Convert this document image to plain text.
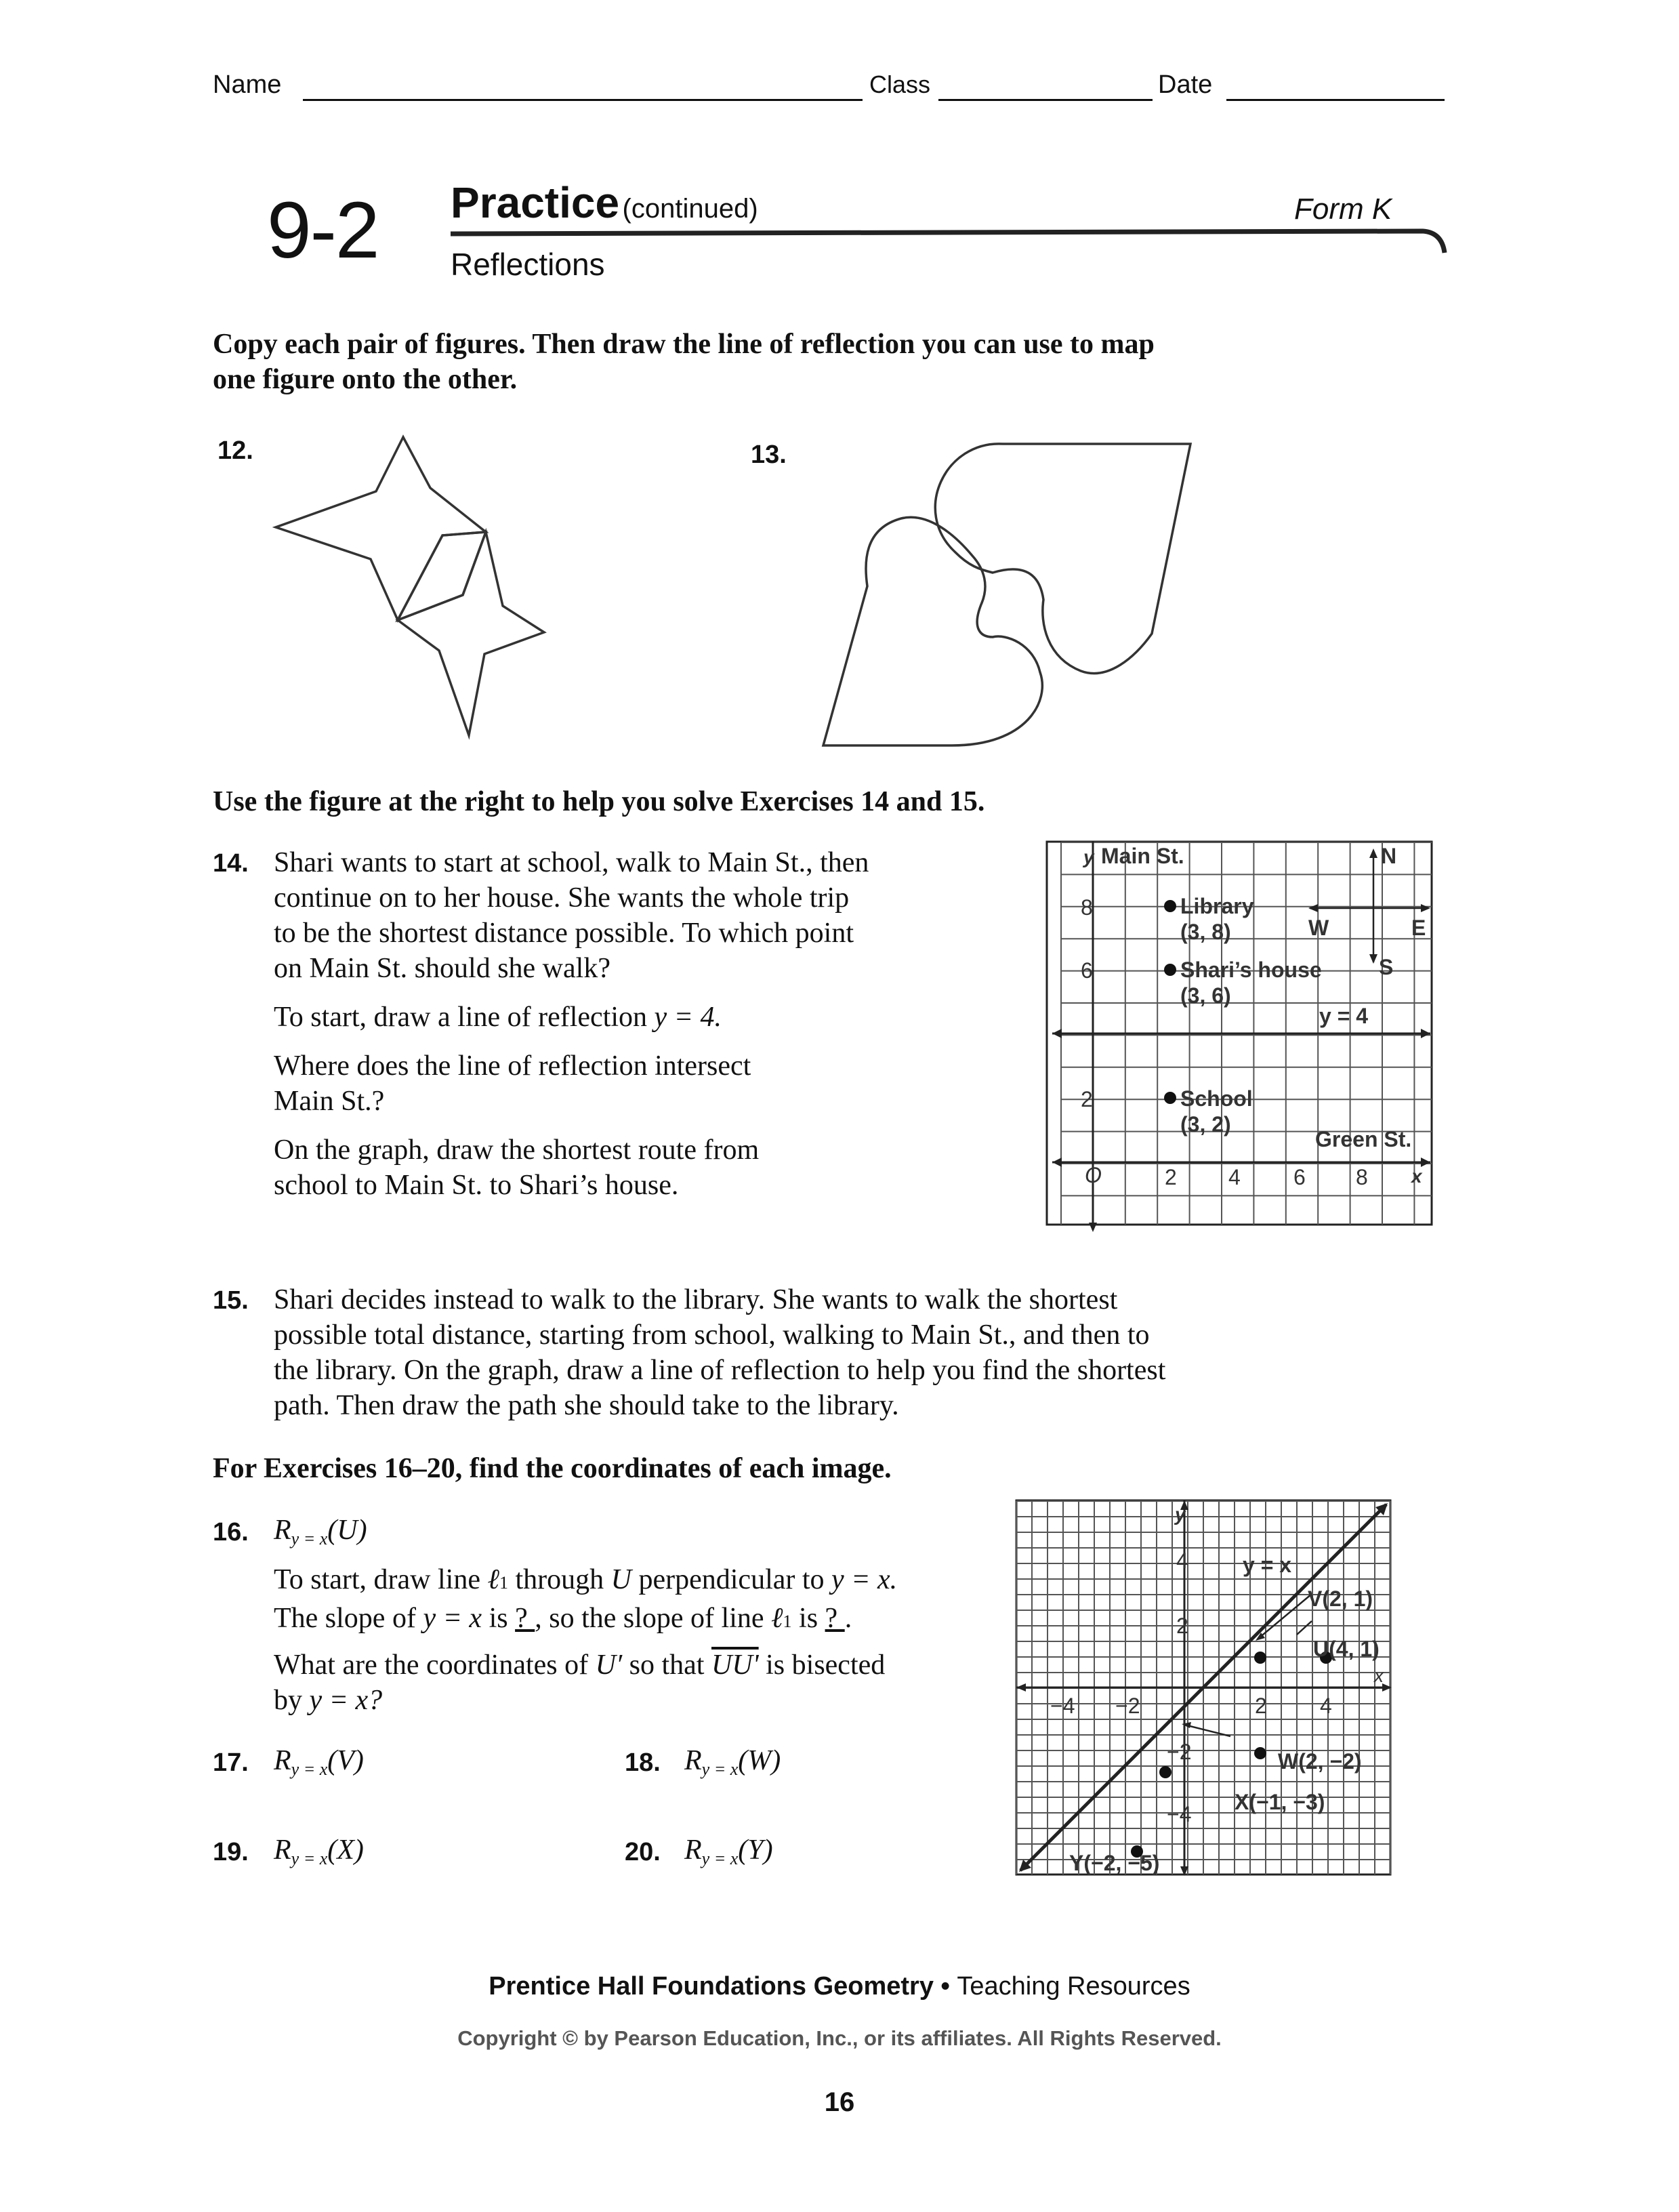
Name	Class	Date
9-2 Practice (continued)	Form K
Reflections
Copy each pair of figures. Then draw the line of reflection you can use to map
one figure onto the other.
12.	13.
Use the figure at the right to help you solve Exercises 14 and 15.
14. Shari wants to start at school, walk to Main St., then

continue on to her house. She wants the whole trip

to be the shortest distance possible. To which point

on Main St. should she walk?

To start, draw a line of reflection y = 4.

Where does the line of reflection intersect

Main St.?

On the graph, draw the shortest route from

school to Main St. to Shari’s house.

y
x
O
Main St.	N
S
W	E
Library
(3, 8)
Shari’s house
(3, 6)
School
(3, 2)
Green St.
y = 4
2
6
8
2 4 6 8
15. Shari decides instead to walk to the library. She wants to walk the shortest

possible total distance, starting from school, walking to Main St., and then to

the library. On the graph, draw a line of reflection to help you find the shortest

path. Then draw the path she should take to the library.

For Exercises 16–20, find the coordinates of each image.
16. $R_{y = x}(U)$

To start, draw line ℓ1 through U perpendicular to y = x.

The slope of y = x is ? , so the slope of line ℓ1 is ? .

What are the coordinates of U′ so that UU' is bisected

by y = x?

17. $R_{y = x}(V)$	18. $R_{y = x}(W)$
19. $R_{y = x}(X)$	20. $R_{y = x}(Y)$
y
x
y = x
V(2, 1)
U(4, 1)
W(2, −2)
X(−1, −3)
Y(−2, −5)
−4 −2	2 4
4
2
−2
−4
Prentice Hall Foundations Geometry • Teaching Resources
Copyright © by Pearson Education, Inc., or its affiliates. All Rights Reserved.
16
